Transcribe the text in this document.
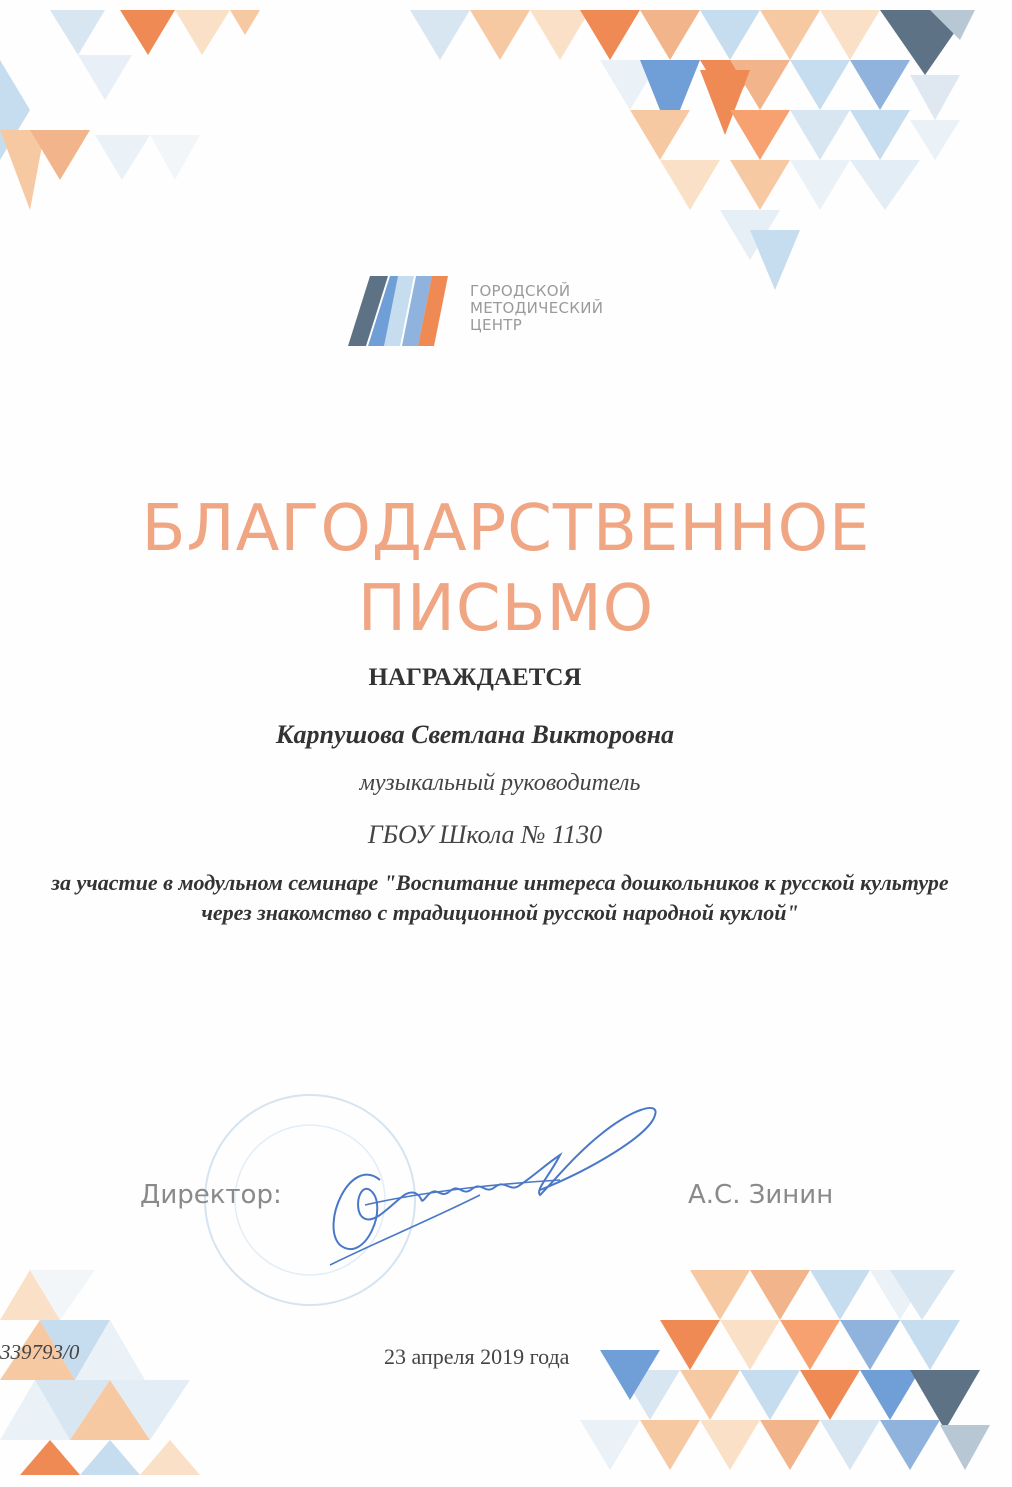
ГОРОДСКОЙ
МЕТОДИЧЕСКИЙ
ЦЕНТР
БЛАГОДАРСТВЕННОЕ
ПИСЬМО
НАГРАЖДАЕТСЯ
Карпушова Светлана Викторовна
музыкальный руководитель
ГБОУ Школа № 1130
за участие в модульном семинаре "Воспитание интереса дошкольников к русской культуре через знакомство с традиционной русской народной куклой"
Директор:	А.С. Зинин
339793/0	23 апреля 2019 года
